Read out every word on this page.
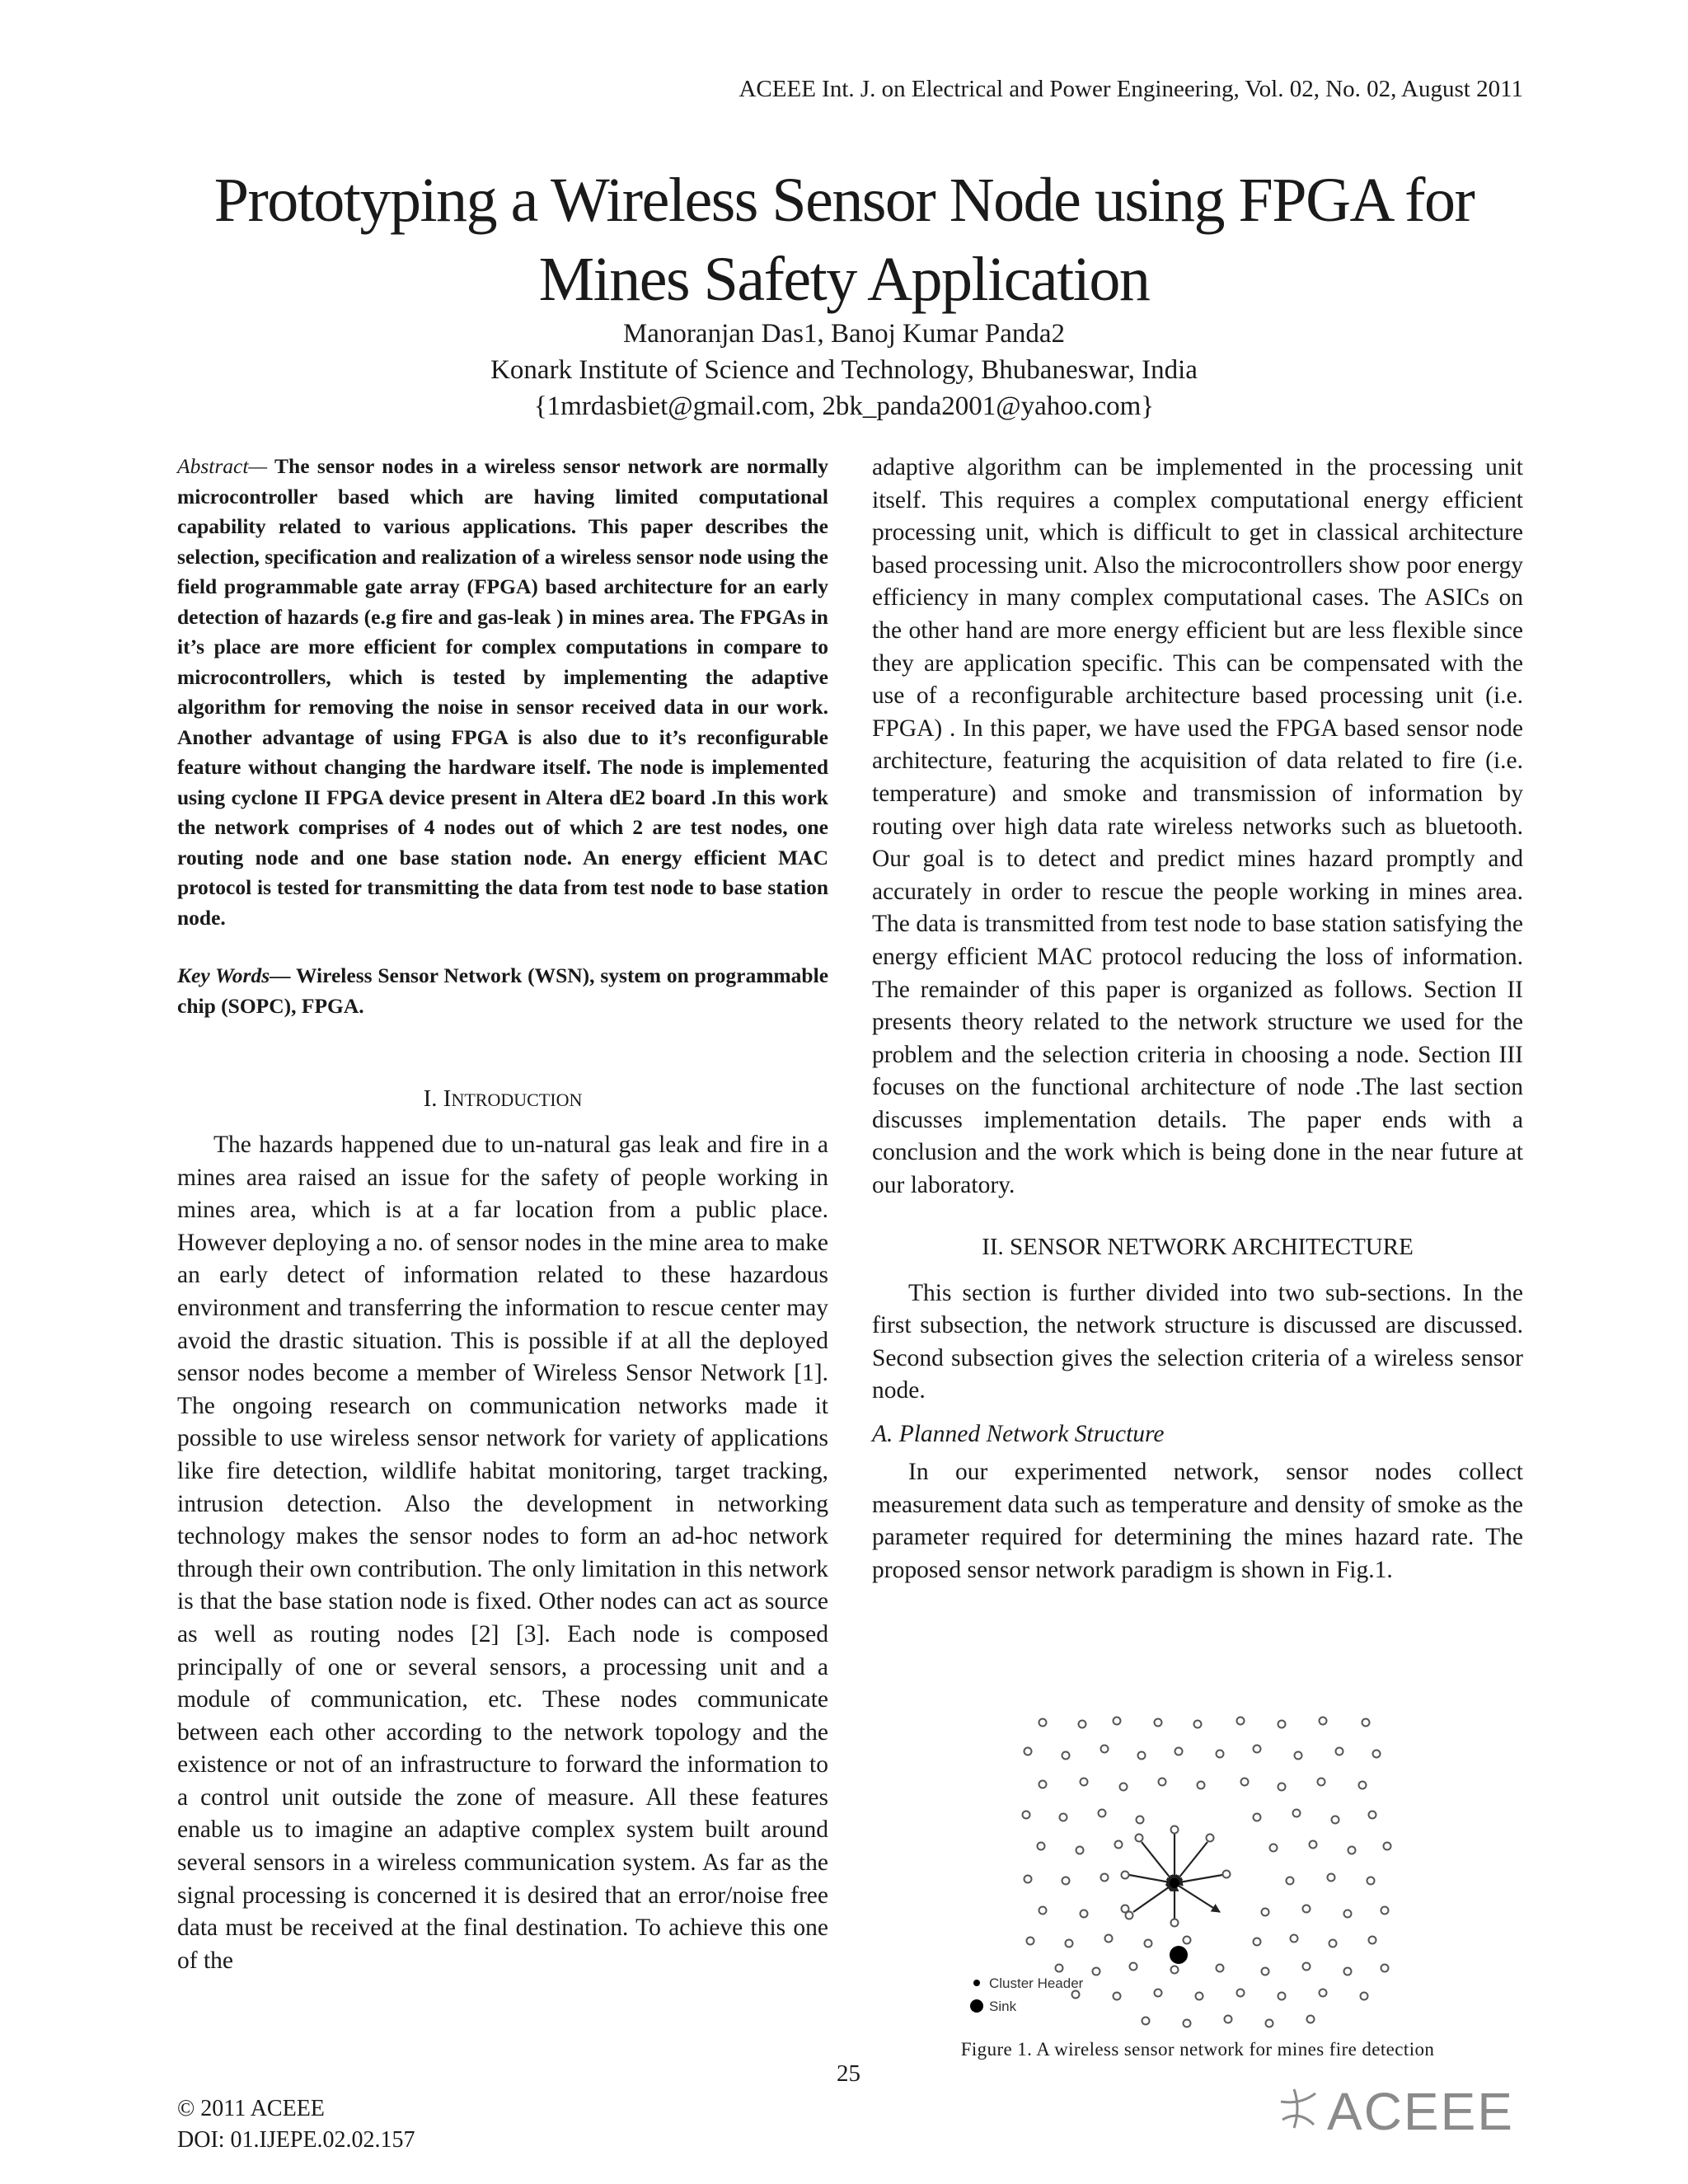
ACEEE Int. J. on Electrical and Power Engineering, Vol. 02, No. 02, August 2011
Prototyping a Wireless Sensor Node using FPGA for
Mines Safety Application
Manoranjan Das1, Banoj Kumar Panda2
Konark Institute of Science and Technology, Bhubaneswar, India
{1mrdasbiet@gmail.com, 2bk_panda2001@yahoo.com}

Abstract— The sensor nodes in a wireless sensor network are normally microcontroller based which are having limited computational capability related to various applications. This paper describes the selection, specification and realization of a wireless sensor node using the field programmable gate array (FPGA) based architecture for an early detection of hazards (e.g fire and gas-leak ) in mines area. The FPGAs in it’s place are more efficient for complex computations in compare to microcontrollers, which is tested by implementing the adaptive algorithm for removing the noise in sensor received data in our work. Another advantage of using FPGA is also due to it’s reconfigurable feature without changing the hardware itself. The node is implemented using cyclone II FPGA device present in Altera dE2 board .In this work the network comprises of 4 nodes out of which 2 are test nodes, one routing node and one base station node. An energy efficient MAC protocol is tested for transmitting the data from test node to base station node.

Key Words— Wireless Sensor Network (WSN), system on programmable chip (SOPC), FPGA.

I. INTRODUCTION

The hazards happened due to un-natural gas leak and fire in a mines area raised an issue for the safety of people working in mines area, which is at a far location from a public place. However deploying a no. of sensor nodes in the mine area to make an early detect of information related to these hazardous environment and transferring the information to rescue center may avoid the drastic situation. This is possible if at all the deployed sensor nodes become a member of Wireless Sensor Network [1]. The ongoing research on communication networks made it possible to use wireless sensor network for variety of applications like fire detection, wildlife habitat monitoring, target tracking, intrusion detection. Also the development in networking technology makes the sensor nodes to form an ad-hoc network through their own contribution. The only limitation in this network is that the base station node is fixed. Other nodes can act as source as well as routing nodes [2] [3]. Each node is composed principally of one or several sensors, a processing unit and a module of communication, etc. These nodes communicate between each other according to the network topology and the existence or not of an infrastructure to forward the information to a control unit outside the zone of measure. All these features enable us to imagine an adaptive complex system built around several sensors in a wireless communication system. As far as the signal processing is concerned it is desired that an error/noise free data must be received at the final destination. To achieve this one of the

adaptive algorithm can be implemented in the processing unit itself. This requires a complex computational energy efficient processing unit, which is difficult to get in classical architecture based processing unit. Also the microcontrollers show poor energy efficiency in many complex computational cases. The ASICs on the other hand are more energy efficient but are less flexible since they are application specific. This can be compensated with the use of a reconfigurable architecture based processing unit (i.e. FPGA) . In this paper, we have used the FPGA based sensor node architecture, featuring the acquisition of data related to fire (i.e. temperature) and smoke and transmission of information by routing over high data rate wireless networks such as bluetooth. Our goal is to detect and predict mines hazard promptly and accurately in order to rescue the people working in mines area. The data is transmitted from test node to base station satisfying the energy efficient MAC protocol reducing the loss of information. The remainder of this paper is organized as follows. Section II presents theory related to the network structure we used for the problem and the selection criteria in choosing a node. Section III focuses on the functional architecture of node .The last section discusses implementation details. The paper ends with a conclusion and the work which is being done in the near future at our laboratory.

II. SENSOR NETWORK ARCHITECTURE

This section is further divided into two sub-sections. In the first subsection, the network structure is discussed are discussed. Second subsection gives the selection criteria of a wireless sensor node.

A. Planned Network Structure

In our experimented network, sensor nodes collect measurement data such as temperature and density of smoke as the parameter required for determining the mines hazard rate. The proposed sensor network paradigm is shown in Fig.1.

Cluster Header
Sink
Figure 1. A wireless sensor network for mines fire detection
25
© 2011 ACEEE
DOI: 01.IJEPE.02.02.157	ACEEE
